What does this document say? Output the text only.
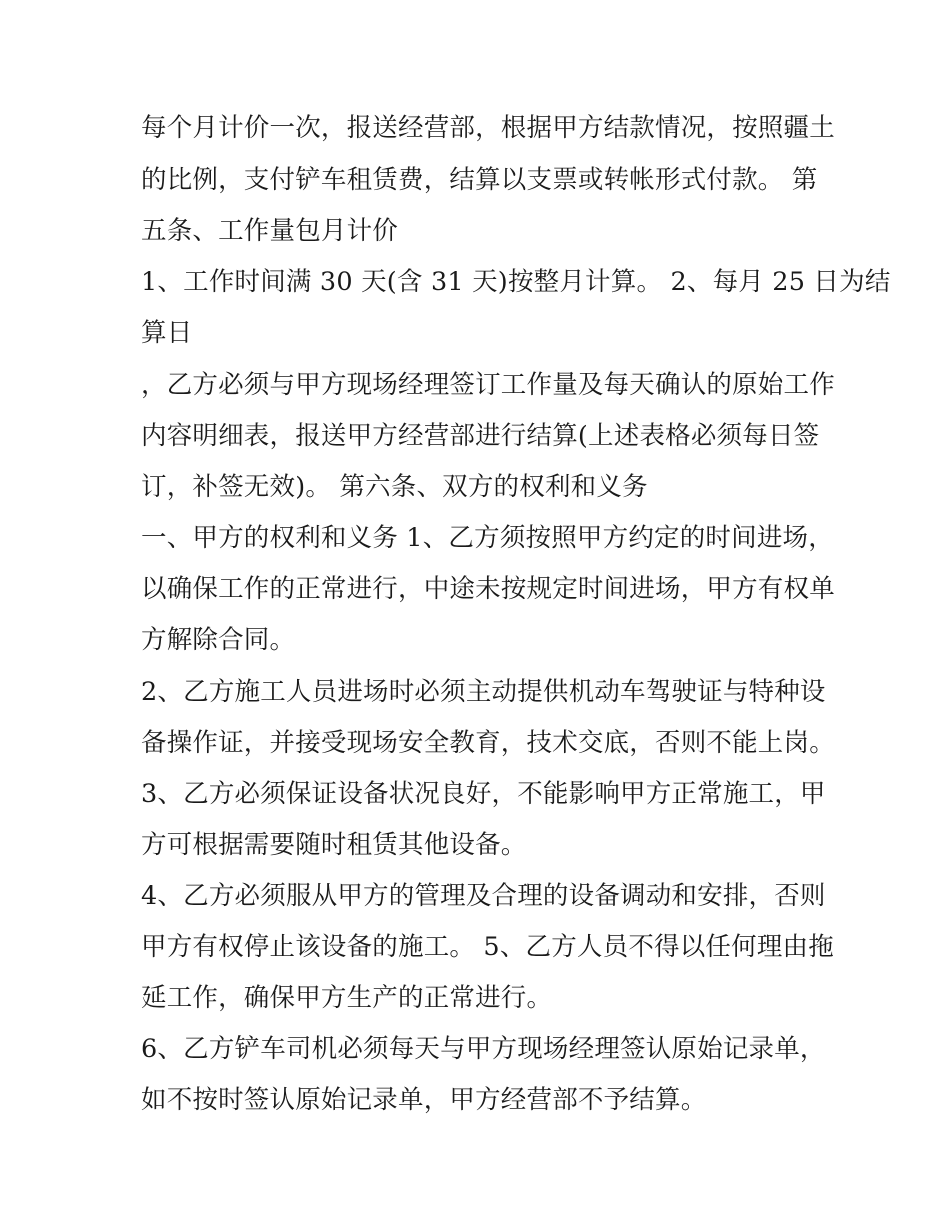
每个月计价一次，报送经营部，根据甲方结款情况，按照疆土
的比例，支付铲车租赁费，结算以支票或转帐形式付款。 第
五条、工作量包月计价
1、工作时间满 30 天(含 31 天)按整月计算。 2、每月 25 日为结
算日
，乙方必须与甲方现场经理签订工作量及每天确认的原始工作
内容明细表，报送甲方经营部进行结算(上述表格必须每日签
订，补签无效)。 第六条、双方的权利和义务
一、甲方的权利和义务 1、乙方须按照甲方约定的时间进场，
以确保工作的正常进行，中途未按规定时间进场，甲方有权单
方解除合同。
2、乙方施工人员进场时必须主动提供机动车驾驶证与特种设
备操作证，并接受现场安全教育，技术交底，否则不能上岗。
3、乙方必须保证设备状况良好，不能影响甲方正常施工，甲
方可根据需要随时租赁其他设备。
4、乙方必须服从甲方的管理及合理的设备调动和安排，否则
甲方有权停止该设备的施工。 5、乙方人员不得以任何理由拖
延工作，确保甲方生产的正常进行。
6、乙方铲车司机必须每天与甲方现场经理签认原始记录单，
如不按时签认原始记录单，甲方经营部不予结算。
